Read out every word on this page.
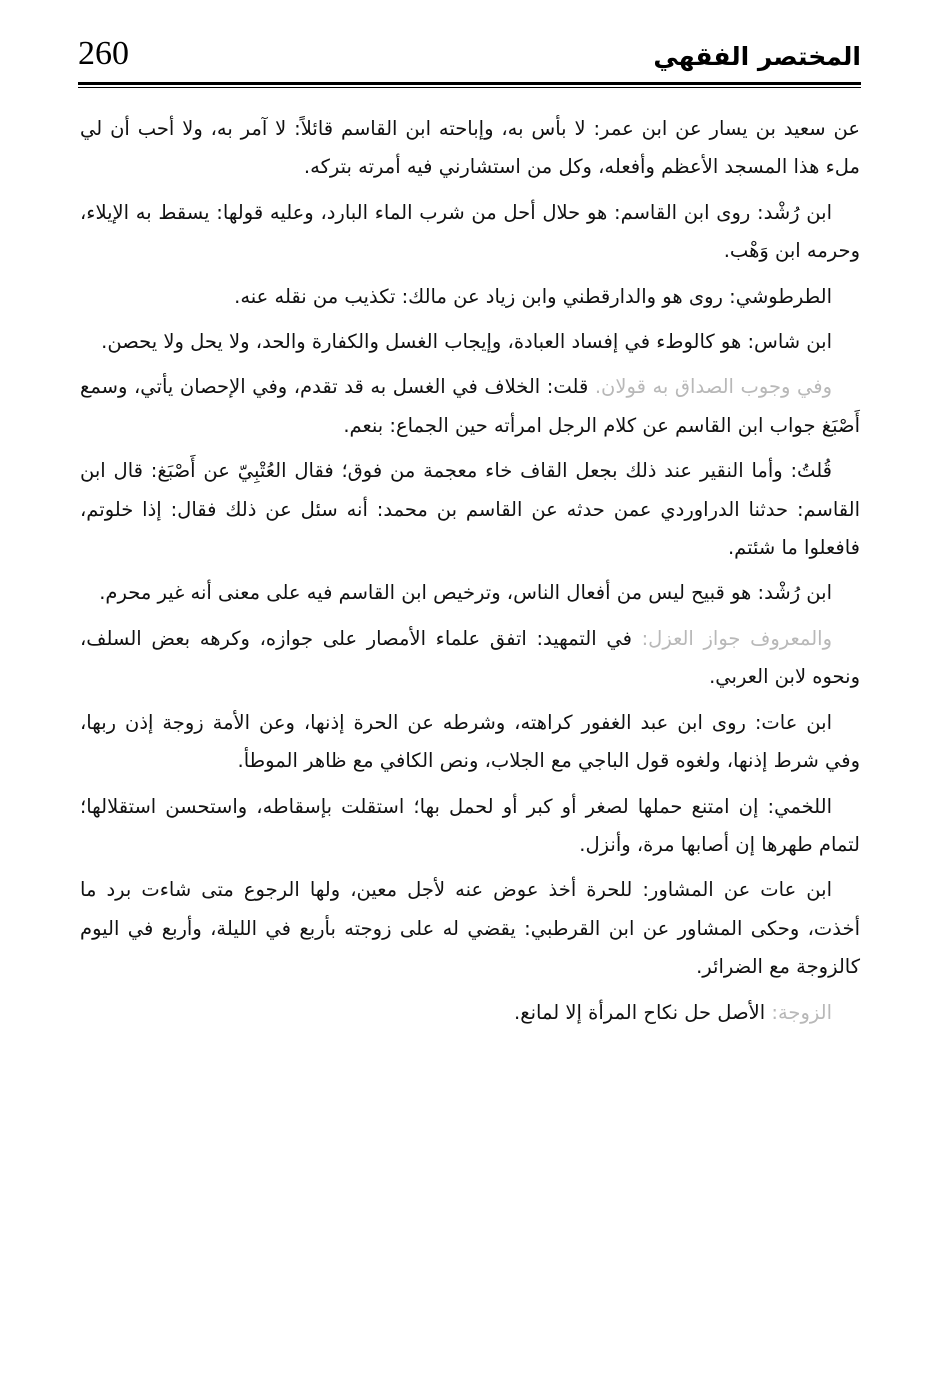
260	المختصر الفقهي

عن سعيد بن يسار عن ابن عمر: لا بأس به، وإباحته ابن القاسم قائلاً: لا آمر به، ولا أحب أن لي ملء هذا المسجد الأعظم وأفعله، وكل من استشارني فيه أمرته بتركه.

ابن رُشْد: روى ابن القاسم: هو حلال أحل من شرب الماء البارد، وعليه قولها: يسقط به الإيلاء، وحرمه ابن وَهْب.

الطرطوشي: روى هو والدارقطني وابن زياد عن مالك: تكذيب من نقله عنه.

ابن شاس: هو كالوطء في إفساد العبادة، وإيجاب الغسل والكفارة والحد، ولا يحل ولا يحصن.

وفي وجوب الصداق به قولان. قلت: الخلاف في الغسل به قد تقدم، وفي الإحصان يأتي، وسمع أَصْبَغ جواب ابن القاسم عن كلام الرجل امرأته حين الجماع: بنعم.

قُلتُ: وأما النقير عند ذلك بجعل القاف خاء معجمة من فوق؛ فقال العُتْبِيّ عن أَصْبَغ: قال ابن القاسم: حدثنا الدراوردي عمن حدثه عن القاسم بن محمد: أنه سئل عن ذلك فقال: إذا خلوتم، فافعلوا ما شئتم.

ابن رُشْد: هو قبيح ليس من أفعال الناس، وترخيص ابن القاسم فيه على معنى أنه غير محرم.

والمعروف جواز العزل: في التمهيد: اتفق علماء الأمصار على جوازه، وكرهه بعض السلف، ونحوه لابن العربي.

ابن عات: روى ابن عبد الغفور كراهته، وشرطه عن الحرة إذنها، وعن الأمة زوجة إذن ربها، وفي شرط إذنها، ولغوه قول الباجي مع الجلاب، ونص الكافي مع ظاهر الموطأ.

اللخمي: إن امتنع حملها لصغر أو كبر أو لحمل بها؛ استقلت بإسقاطه، واستحسن استقلالها؛ لتمام طهرها إن أصابها مرة، وأنزل.

ابن عات عن المشاور: للحرة أخذ عوض عنه لأجل معين، ولها الرجوع متى شاءت برد ما أخذت، وحكى المشاور عن ابن القرطبي: يقضي له على زوجته بأربع في الليلة، وأربع في اليوم كالزوجة مع الضرائر.

الزوجة: الأصل حل نكاح المرأة إلا لمانع.
